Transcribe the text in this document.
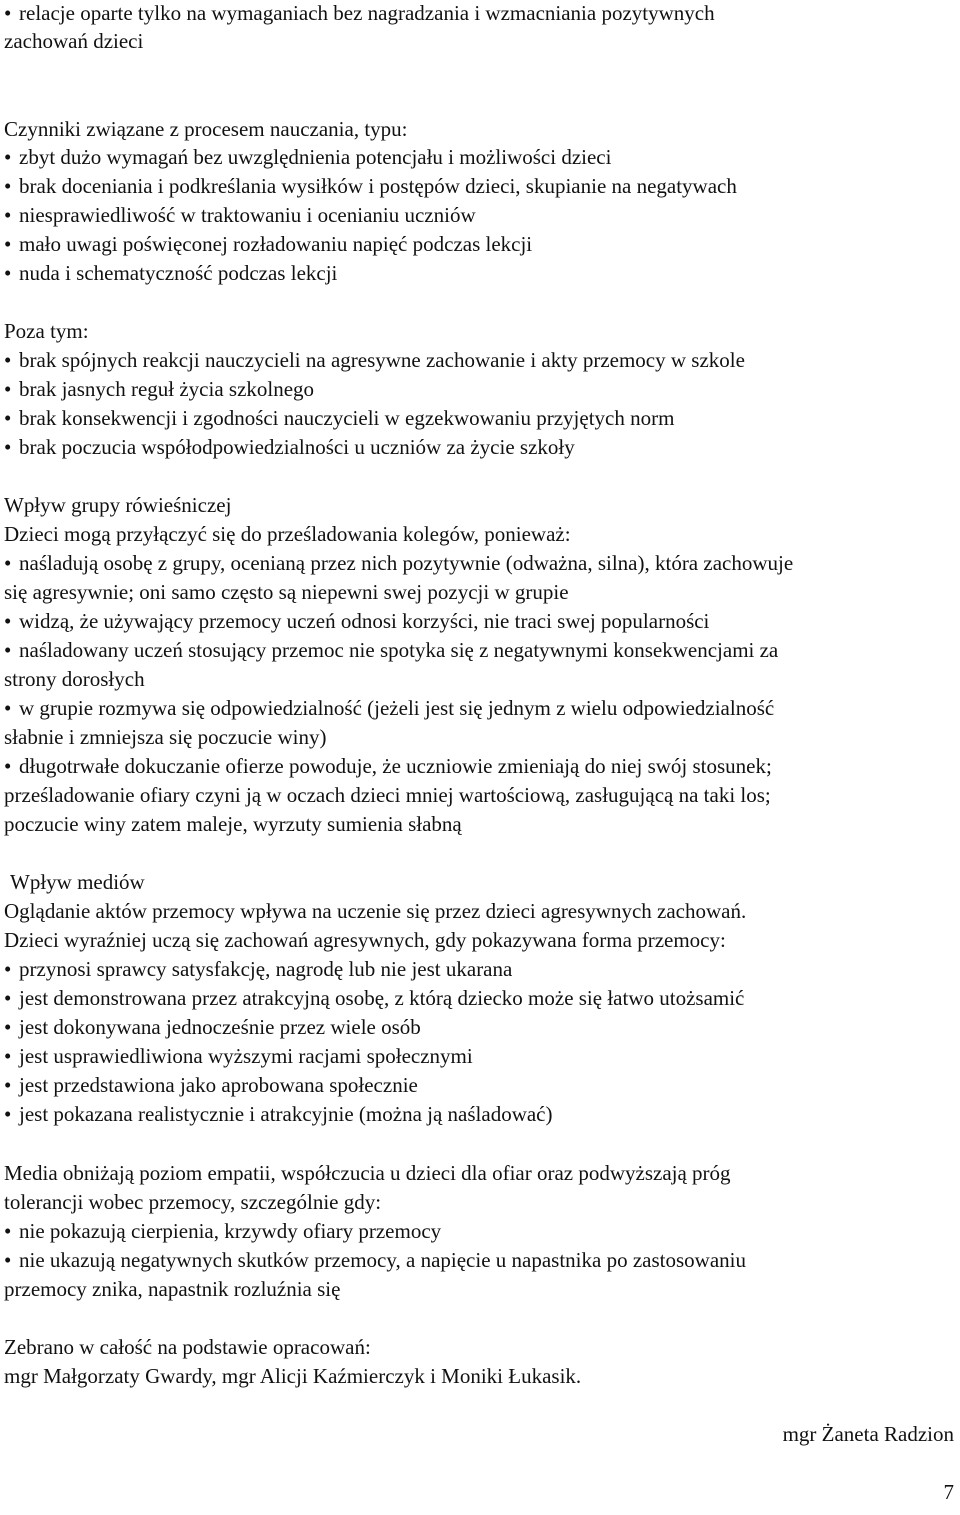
• relacje oparte tylko na wymaganiach bez nagradzania i wzmacniania pozytywnych
zachowań dzieci
Czynniki związane z procesem nauczania, typu:
• zbyt dużo wymagań bez uwzględnienia potencjału i możliwości dzieci
• brak doceniania i podkreślania wysiłków i postępów dzieci, skupianie na negatywach
• niesprawiedliwość w traktowaniu i ocenianiu uczniów
• mało uwagi poświęconej rozładowaniu napięć podczas lekcji
• nuda i schematyczność podczas lekcji
Poza tym:
• brak spójnych reakcji nauczycieli na agresywne zachowanie i akty przemocy w szkole
• brak jasnych reguł życia szkolnego
• brak konsekwencji i zgodności nauczycieli w egzekwowaniu przyjętych norm
• brak poczucia współodpowiedzialności u uczniów za życie szkoły
Wpływ grupy rówieśniczej
Dzieci mogą przyłączyć się do prześladowania kolegów, ponieważ:
• naśladują osobę z grupy, ocenianą przez nich pozytywnie (odważna, silna), która zachowuje
się agresywnie; oni samo często są niepewni swej pozycji w grupie
• widzą, że używający przemocy uczeń odnosi korzyści, nie traci swej popularności
• naśladowany uczeń stosujący przemoc nie spotyka się z negatywnymi konsekwencjami za
strony dorosłych
• w grupie rozmywa się odpowiedzialność (jeżeli jest się jednym z wielu odpowiedzialność
słabnie i zmniejsza się poczucie winy)
• długotrwałe dokuczanie ofierze powoduje, że uczniowie zmieniają do niej swój stosunek;
prześladowanie ofiary czyni ją w oczach dzieci mniej wartościową, zasługującą na taki los;
poczucie winy zatem maleje, wyrzuty sumienia słabną
Wpływ mediów
Oglądanie aktów przemocy wpływa na uczenie się przez dzieci agresywnych zachowań.
Dzieci wyraźniej uczą się zachowań agresywnych, gdy pokazywana forma przemocy:
• przynosi sprawcy satysfakcję, nagrodę lub nie jest ukarana
• jest demonstrowana przez atrakcyjną osobę, z którą dziecko może się łatwo utożsamić
• jest dokonywana jednocześnie przez wiele osób
• jest usprawiedliwiona wyższymi racjami społecznymi
• jest przedstawiona jako aprobowana społecznie
• jest pokazana realistycznie i atrakcyjnie (można ją naśladować)
Media obniżają poziom empatii, współczucia u dzieci dla ofiar oraz podwyższają próg
tolerancji wobec przemocy, szczególnie gdy:
• nie pokazują cierpienia, krzywdy ofiary przemocy
• nie ukazują negatywnych skutków przemocy, a napięcie u napastnika po zastosowaniu
przemocy znika, napastnik rozluźnia się
Zebrano w całość na podstawie opracowań:
mgr Małgorzaty Gwardy, mgr Alicji Kaźmierczyk i Moniki Łukasik.
mgr Żaneta Radzion
7
